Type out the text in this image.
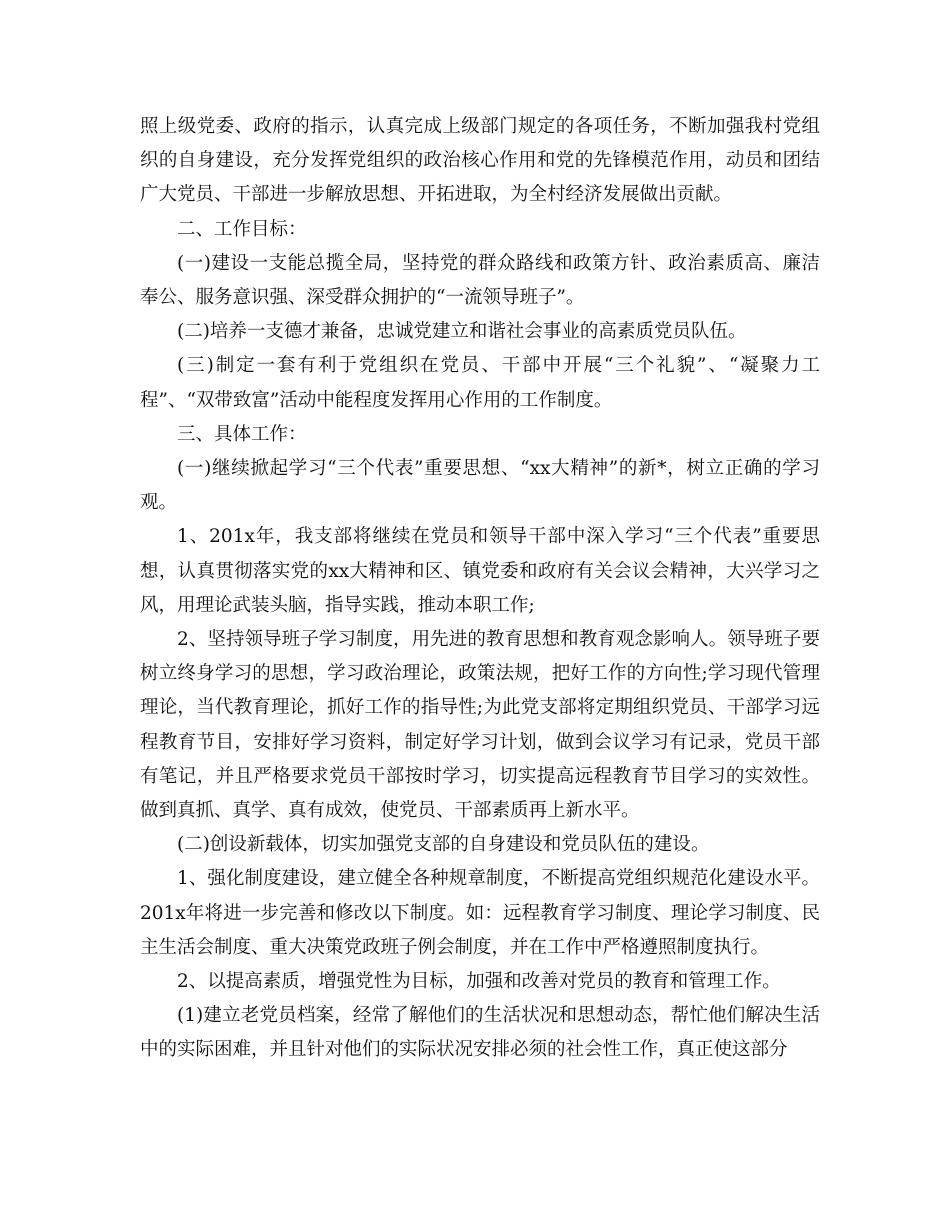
照上级党委、政府的指示，认真完成上级部门规定的各项任务，不断加强我村党组织的自身建设，充分发挥党组织的政治核心作用和党的先锋模范作用，动员和团结广大党员、干部进一步解放思想、开拓进取，为全村经济发展做出贡献。

二、工作目标：

(一)建设一支能总揽全局，坚持党的群众路线和政策方针、政治素质高、廉洁奉公、服务意识强、深受群众拥护的“一流领导班子”。

(二)培养一支德才兼备，忠诚党建立和谐社会事业的高素质党员队伍。

(三)制定一套有利于党组织在党员、干部中开展“三个礼貌”、“凝聚力工程”、“双带致富”活动中能程度发挥用心作用的工作制度。

三、具体工作：

(一)继续掀起学习“三个代表”重要思想、“xx大精神”的新*，树立正确的学习观。

1、201x年，我支部将继续在党员和领导干部中深入学习“三个代表”重要思想，认真贯彻落实党的xx大精神和区、镇党委和政府有关会议会精神，大兴学习之风，用理论武装头脑，指导实践，推动本职工作;

2、坚持领导班子学习制度，用先进的教育思想和教育观念影响人。领导班子要树立终身学习的思想，学习政治理论，政策法规，把好工作的方向性;学习现代管理理论，当代教育理论，抓好工作的指导性;为此党支部将定期组织党员、干部学习远程教育节目，安排好学习资料，制定好学习计划，做到会议学习有记录，党员干部有笔记，并且严格要求党员干部按时学习，切实提高远程教育节目学习的实效性。做到真抓、真学、真有成效，使党员、干部素质再上新水平。

(二)创设新载体，切实加强党支部的自身建设和党员队伍的建设。

1、强化制度建设，建立健全各种规章制度，不断提高党组织规范化建设水平。201x年将进一步完善和修改以下制度。如：远程教育学习制度、理论学习制度、民主生活会制度、重大决策党政班子例会制度，并在工作中严格遵照制度执行。

2、以提高素质，增强党性为目标，加强和改善对党员的教育和管理工作。

(1)建立老党员档案，经常了解他们的生活状况和思想动态，帮忙他们解决生活中的实际困难，并且针对他们的实际状况安排必须的社会性工作，真正使这部分
